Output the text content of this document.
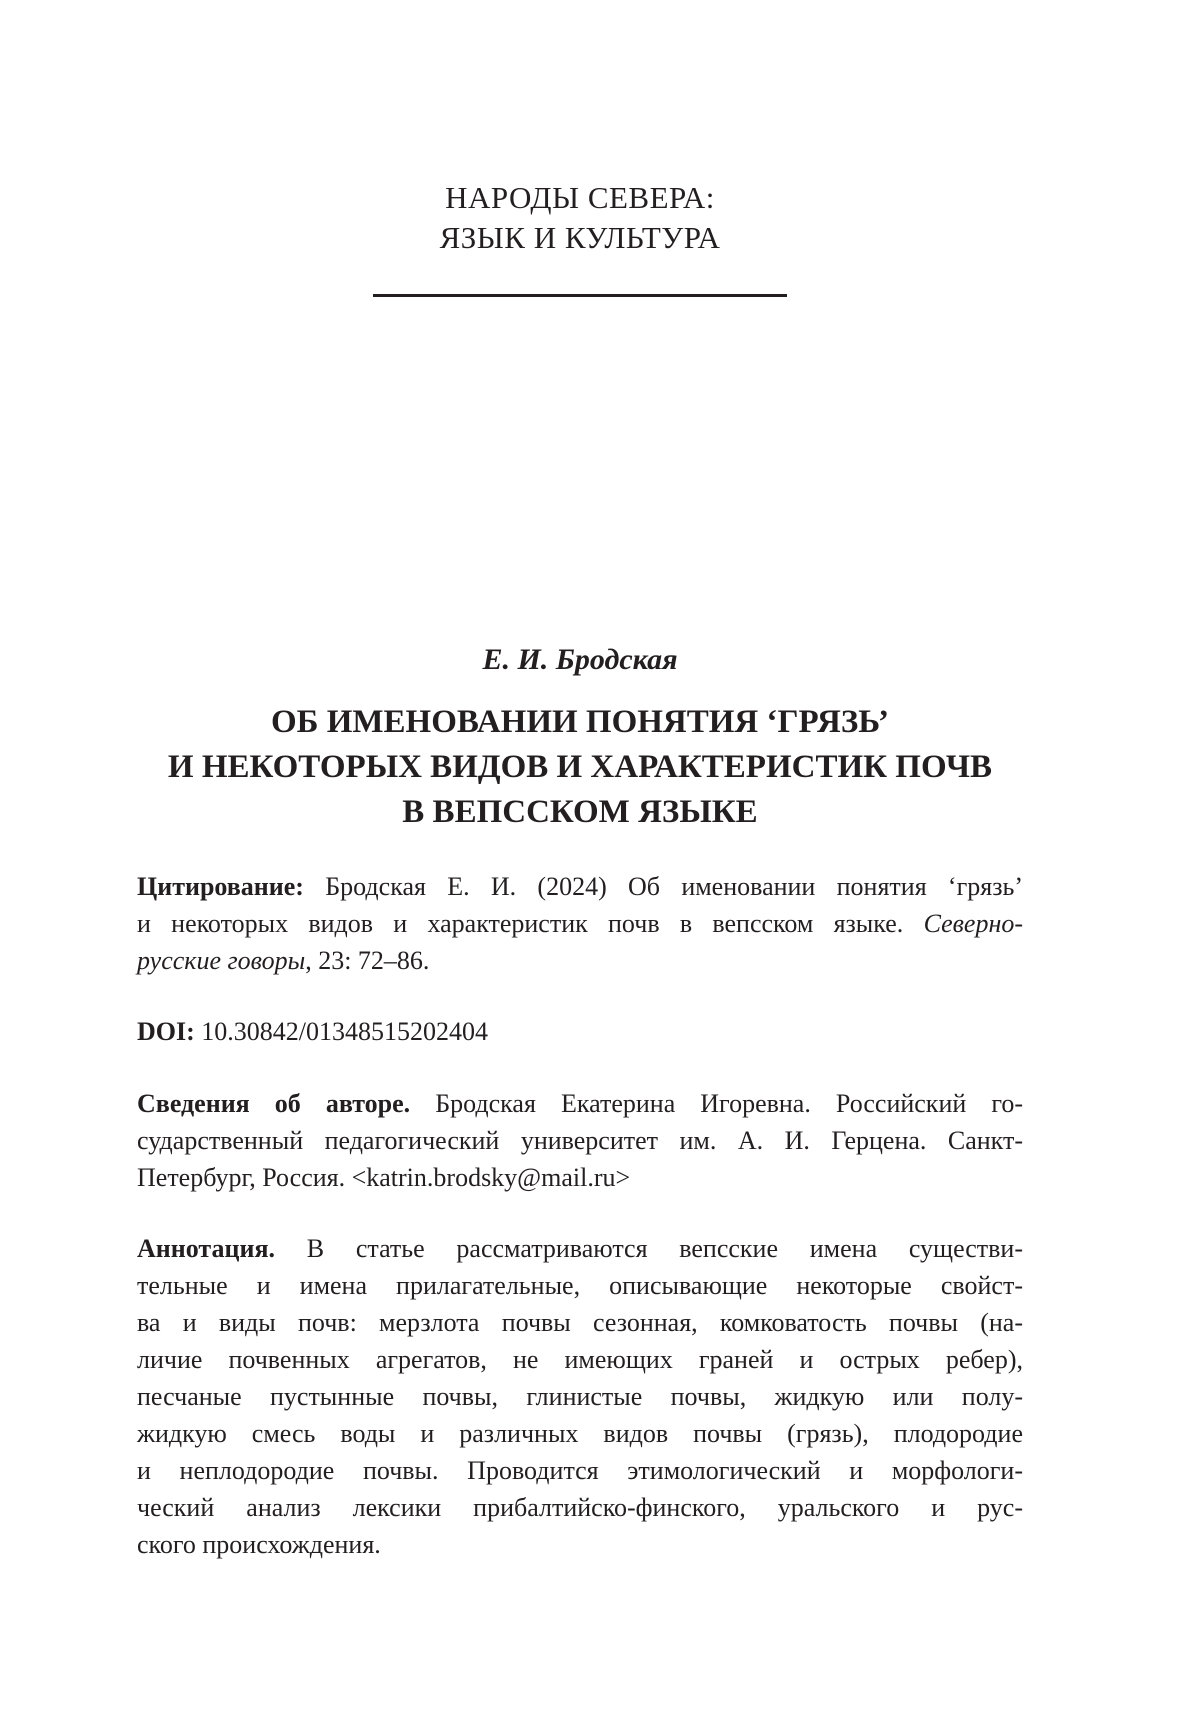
НАРОДЫ СЕВЕРА:
ЯЗЫК И КУЛЬТУРА
Е. И. Бродская
ОБ ИМЕНОВАНИИ ПОНЯТИЯ ‘ГРЯЗЬ’
И НЕКОТОРЫХ ВИДОВ И ХАРАКТЕРИСТИК ПОЧВ
В ВЕПССКОМ ЯЗЫКЕ
Цитирование: Бродская Е. И. (2024) Об именовании понятия ‘грязь’
и некоторых видов и характеристик почв в вепсском языке. Северно-
русские говоры, 23: 72–86.
DOI: 10.30842/01348515202404
Сведения об авторе. Бродская Екатерина Игоревна. Российский го-
сударственный педагогический университет им. А. И. Герцена. Санкт-
Петербург, Россия. <katrin.brodsky@mail.ru>
Аннотация. В статье рассматриваются вепсские имена существи-
тельные и имена прилагательные, описывающие некоторые свойст-
ва и виды почв: мерзлота почвы сезонная, комковатость почвы (на-
личие почвенных агрегатов, не имеющих граней и острых ребер),
песчаные пустынные почвы, глинистые почвы, жидкую или полу-
жидкую смесь воды и различных видов почвы (грязь), плодородие
и неплодородие почвы. Проводится этимологический и морфологи-
ческий анализ лексики прибалтийско-финского, уральского и рус-
ского происхождения.
